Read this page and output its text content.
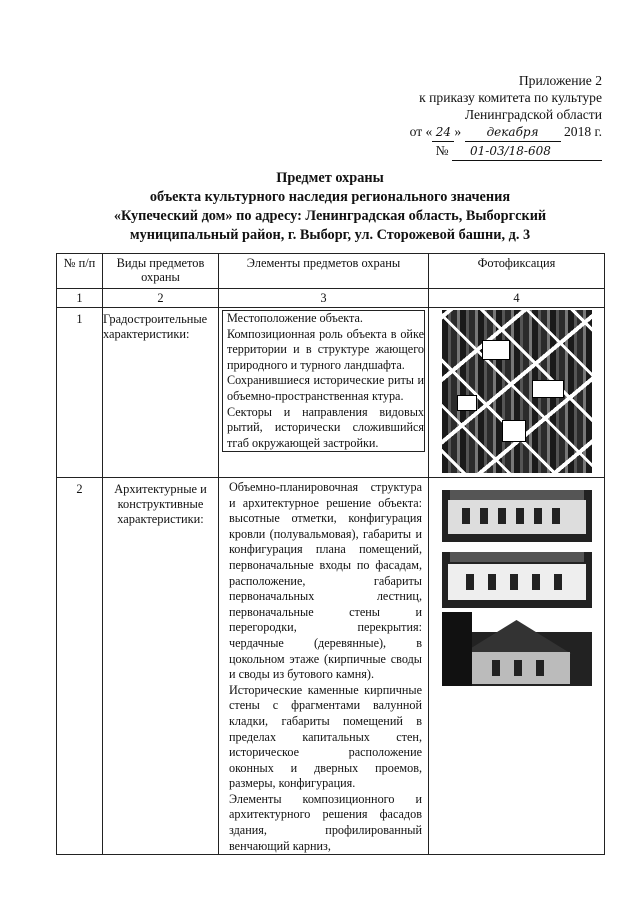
Приложение 2
к приказу комитета по культуре
Ленинградской области
от « 24 » декабря 2018 г.
№ 01-03/18-608
Предмет охраны
объекта культурного наследия регионального значения
«Купеческий дом» по адресу: Ленинградская область, Выборгский
муниципальный район, г. Выборг, ул. Сторожевой башни, д. 3
№ п/п	Виды предметов охраны	Элементы предметов охраны	Фотофиксация
1	2	3	4
1	Градостроительные характеристики:	Местоположение объекта.

Композиционная роль объекта в ойке территории и в структуре жающего природного и турного ландшафта.

Сохранившиеся исторические риты и объемно-пространственная ктура.

Секторы и направления видовых рытий, исторически сложившийся тгаб окружающей застройки.	

2	Архитектурные и конструктивные характеристики:	Объемно-планировочная структура и архитектурное решение объекта: высотные отметки, конфигурация кровли (полувальмовая), габариты и конфигурация плана помещений, первоначальные входы по фасадам, расположение, габариты первоначальных лестниц, первоначальные стены и перегородки, перекрытия: чердачные (деревянные), в цокольном этаже (кирпичные своды и своды из бутового камня).

Исторические каменные кирпичные стены с фрагментами валунной кладки, габариты помещений в пределах капитальных стен, историческое расположение оконных и дверных проемов, размеры, конфигурация.

Элементы композиционного и архитектурного решения фасадов здания, профилированный венчающий карниз,	
